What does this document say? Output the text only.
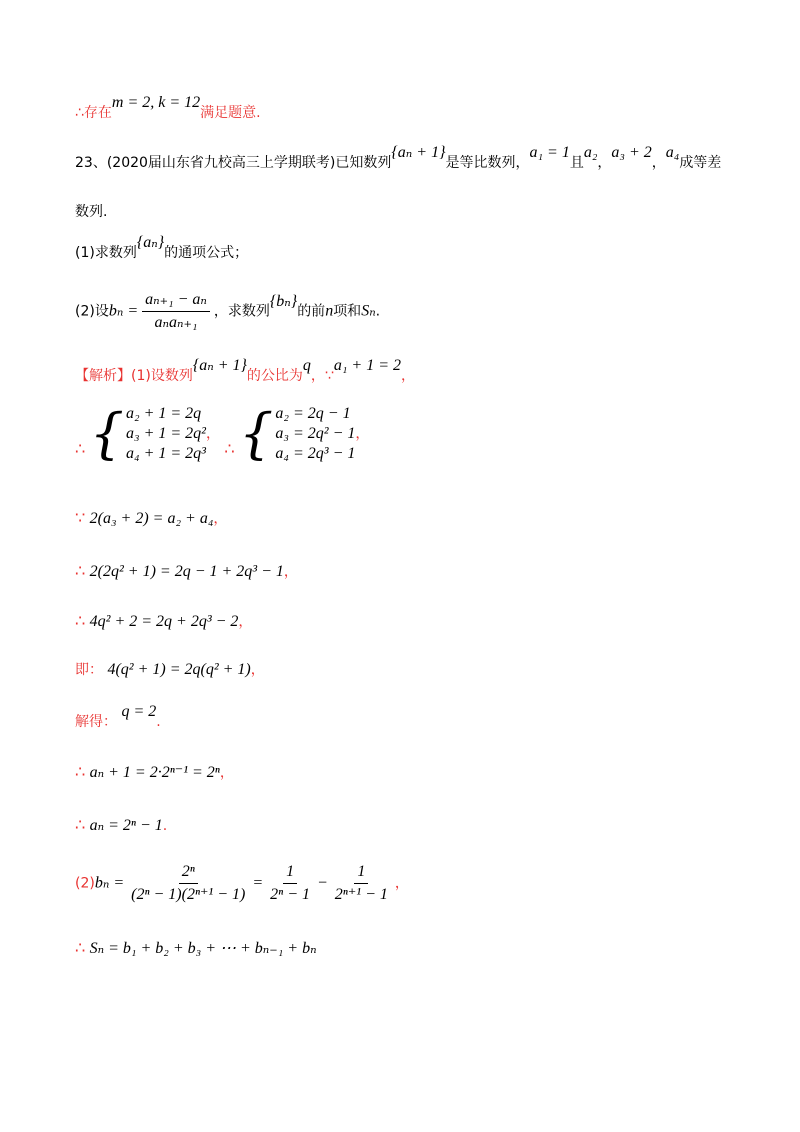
∴存在m = 2, k = 12满足题意.
23、(2020届山东省九校高三上学期联考)已知数列{aₙ + 1}是等比数列，a₁ = 1且a₂，a₃ + 2，a₄成等差
数列.
(1)求数列{aₙ}的通项公式；
(2)设$b_n = \frac{\text{aₙ₊₁ − aₙ}}{\text{aₙaₙ₊₁}}$ ，求数列{bₙ}的前n项和Sₙ.
【解析】(1)设数列{aₙ + 1}的公比为q，∵a₁ + 1 = 2，
∴ { a₂ + 1 = 2q
a₃ + 1 = 2q²
a₄ + 1 = 2q³
， ∴ { a₂ = 2q − 1
a₃ = 2q² − 1
a₄ = 2q³ − 1
，
∵ 2(a₃ + 2) = a₂ + a₄，
∴ 2(2q² + 1) = 2q − 1 + 2q³ − 1，
∴ 4q² + 2 = 2q + 2q³ − 2，
即： 4(q² + 1) = 2q(q² + 1)，
解得： q = 2.
∴ aₙ + 1 = 2·2ⁿ⁻¹ = 2ⁿ，
∴ aₙ = 2ⁿ − 1.
$(2)b_n = \frac{\text{2ⁿ}}{\text{(2ⁿ − 1)(2ⁿ⁺¹ − 1)}} = \frac{1}{\text{2ⁿ − 1}} - \frac{1}{\text{2ⁿ⁺¹ − 1}}$ ，
∴ Sₙ = b₁ + b₂ + b₃ + ⋯ + bₙ₋₁ + bₙ
